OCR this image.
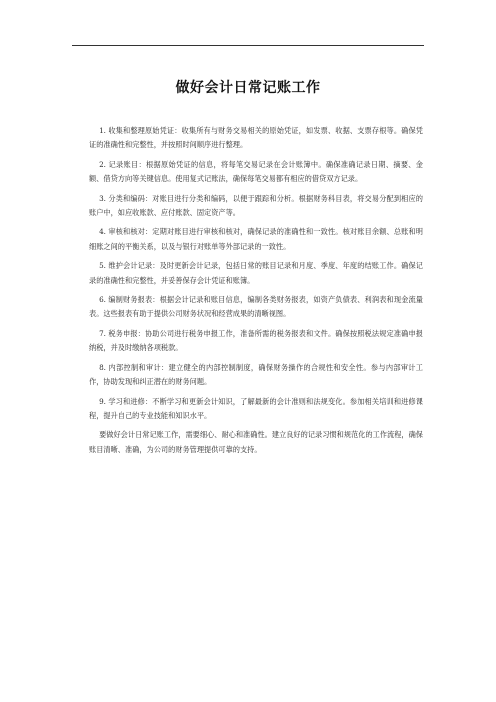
做好会计日常记账工作

1. 收集和整理原始凭证：收集所有与财务交易相关的原始凭证，如发票、收据、支票存根等。确保凭证的准确性和完整性，并按照时间顺序进行整理。

2. 记录账目：根据原始凭证的信息，将每笔交易记录在会计账簿中。确保准确记录日期、摘要、金额、借贷方向等关键信息。使用复式记账法，确保每笔交易都有相应的借贷双方记录。

3. 分类和编码：对账目进行分类和编码，以便于跟踪和分析。根据财务科目表，将交易分配到相应的账户中，如应收账款、应付账款、固定资产等。

4. 审核和核对：定期对账目进行审核和核对，确保记录的准确性和一致性。核对账目余额、总账和明细账之间的平衡关系，以及与银行对账单等外部记录的一致性。

5. 维护会计记录：及时更新会计记录，包括日常的账目记录和月度、季度、年度的结账工作。确保记录的准确性和完整性，并妥善保存会计凭证和账簿。

6. 编制财务报表：根据会计记录和账目信息，编制各类财务报表，如资产负债表、利润表和现金流量表。这些报表有助于提供公司财务状况和经营成果的清晰视图。

7. 税务申报：协助公司进行税务申报工作，准备所需的税务报表和文件。确保按照税法规定准确申报纳税，并及时缴纳各项税款。

8. 内部控制和审计：建立健全的内部控制制度，确保财务操作的合规性和安全性。参与内部审计工作，协助发现和纠正潜在的财务问题。

9. 学习和进修：不断学习和更新会计知识，了解最新的会计准则和法规变化。参加相关培训和进修课程，提升自己的专业技能和知识水平。

要做好会计日常记账工作，需要细心、耐心和准确性。建立良好的记录习惯和规范化的工作流程，确保账目清晰、准确，为公司的财务管理提供可靠的支持。
